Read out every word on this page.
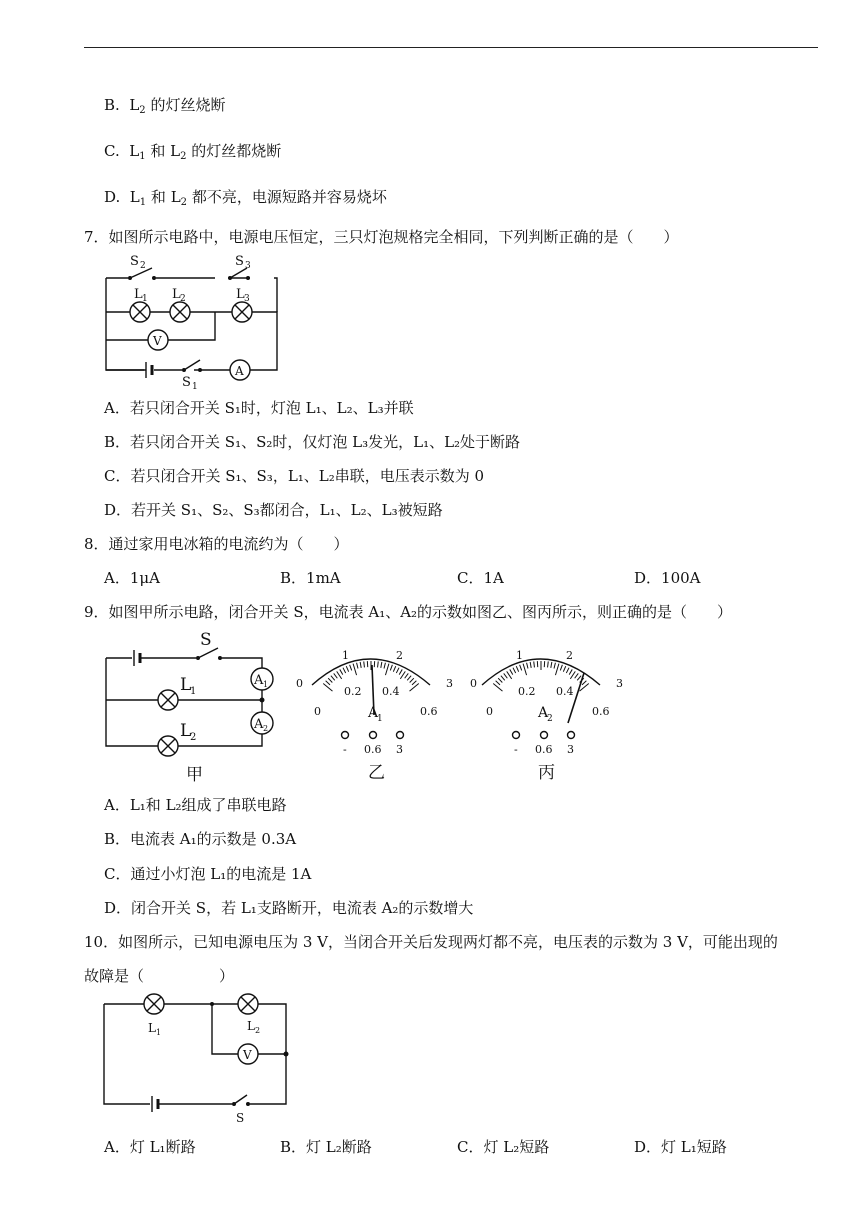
B.  $L_2$ 的灯丝烧断
C.  $L_1$ 和 $L_2$ 的灯丝都烧断
D.  $L_1$ 和 $L_2$ 都不亮，电源短路并容易烧坏
7．如图所示电路中，电源电压恒定，三只灯泡规格完全相同，下列判断正确的是（　　）
S 2	S 3
L 1 L 2	L 3
V
S 1
A
A．若只闭合开关 S₁时，灯泡 L₁、L₂、L₃并联
B．若只闭合开关 S₁、S₂时，仅灯泡 L₃发光，L₁、L₂处于断路
C．若只闭合开关 S₁、S₃，L₁、L₂串联，电压表示数为 0
D．若开关 S₁、S₂、S₃都闭合，L₁、L₂、L₃被短路
8．通过家用电冰箱的电流约为（　　）
A．1μA	B．1mA	C．1A	D．100A
9．如图甲所示电路，闭合开关 S，电流表 A₁、A₂的示数如图乙、图丙所示，则正确的是（　　）
S
L
1
L
2
A 1
A 2
甲
0
1	2
3
0
0.2 0.4
0.6
A
1
- 0.6 3
乙
0
1	2
3
0
0.2 0.4
0.6
A
2
- 0.6 3
丙
A．L₁和 L₂组成了串联电路
B．电流表 A₁的示数是 0.3A
C．通过小灯泡 L₁的电流是 1A
D．闭合开关 S，若 L₁支路断开，电流表 A₂的示数增大
10．如图所示，已知电源电压为 3 V，当闭合开关后发现两灯都不亮，电压表的示数为 3 V，可能出现的
故障是（　　　　　）
L 1	L 2
V
S
A．灯 L₁断路	B．灯 L₂断路	C．灯 L₂短路	D．灯 L₁短路
